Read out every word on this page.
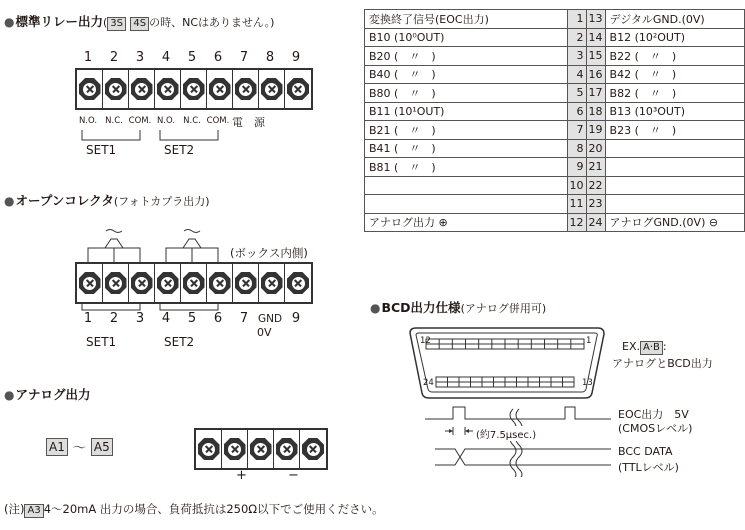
●標準リレー出力( 3S 4S の時、NCはありません。)
1	2	3	4	5	6	7	8	9
N.O. N.C. COM. N.O. N.C. COM. 電　源
SET1	SET2
●オープンコレクタ(フォトカプラ出力)
(ボックス内側)
1	2	3	4	5	6	7 GND 9
0V
SET1	SET2
●アナログ出力
A1 ～ A5
+	−
変換終了信号(EOC出力)	1	13	デジタルGND.(0V)
B10 (10⁰OUT)	2	14	B12 (10²OUT)
B20 (　〃　)	3	15	B22 (　〃　)
B40 (　〃　)	4	16	B42 (　〃　)
B80 (　〃　)	5	17	B82 (　〃　)
B11 (10¹OUT)	6	18	B13 (10³OUT)
B21 (　〃　)	7	19	B23 (　〃　)
B41 (　〃　)	8	20	
B81 (　〃　)	9	21	
	10	22	
	11	23	
アナログ出力 ⊕	12	24	アナログGND.(0V) ⊖
●BCD出力仕様(アナログ併用可)
12	1
24	13
EX. A·B :
アナログとBCD出力
(約7.5μsec.)
EOC出力　5V
(CMOSレベル)
BCC DATA
(TTLレベル)
(注) A3 4～20mA 出力の場合、負荷抵抗は250Ω以下でご使用ください。
